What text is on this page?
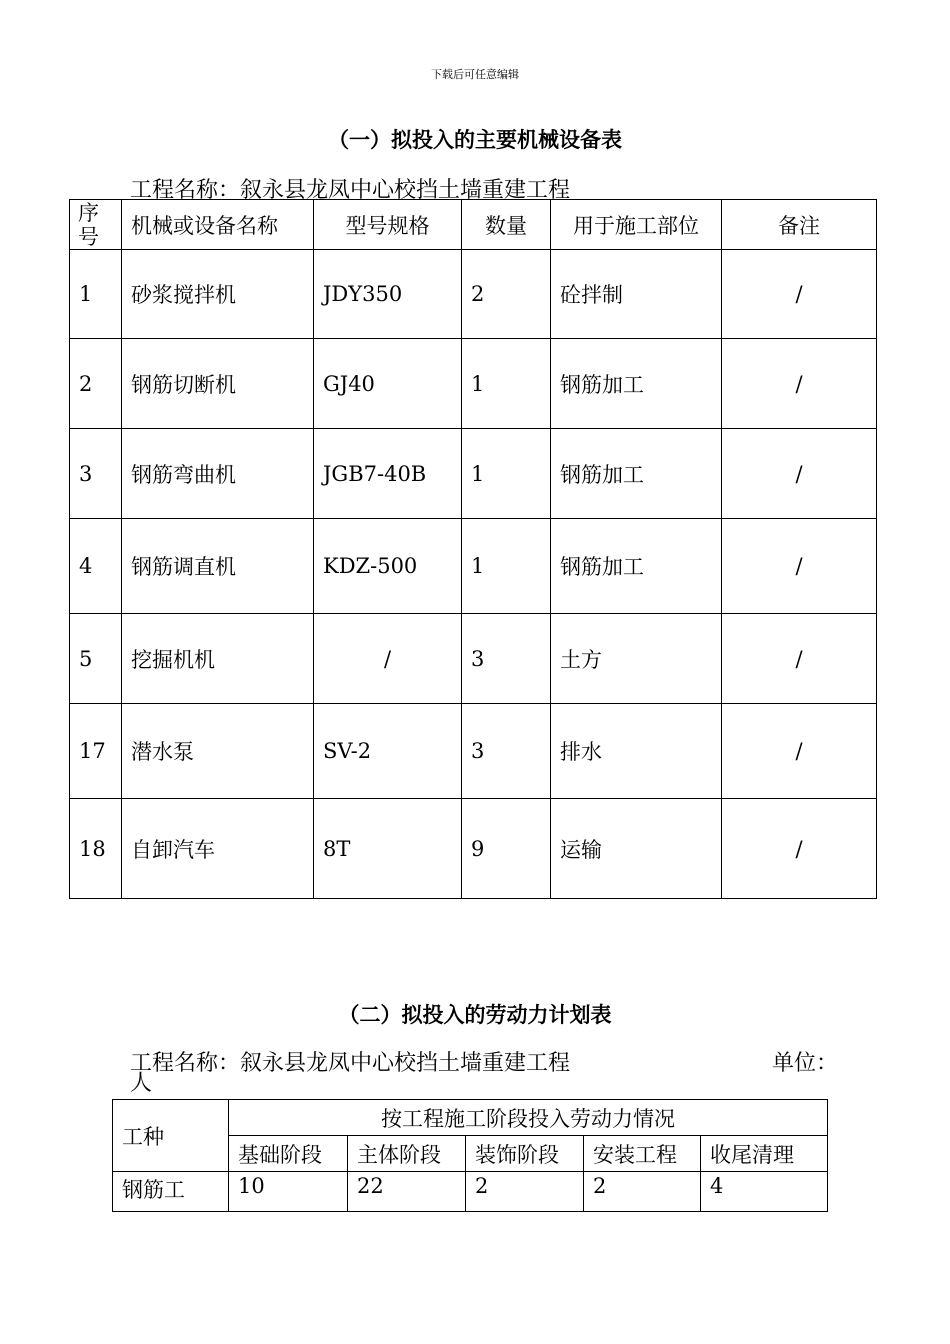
下载后可任意编辑
（一）拟投入的主要机械设备表
工程名称：叙永县龙凤中心校挡土墙重建工程
序
号	机械或设备名称	型号规格	数量	用于施工部位	备注
1	砂浆搅拌机	JDY350	2	砼拌制	/
2	钢筋切断机	GJ40	1	钢筋加工	/
3	钢筋弯曲机	JGB7-40B	1	钢筋加工	/
4	钢筋调直机	KDZ-500	1	钢筋加工	/
5	挖掘机机	/	3	土方	/
17	潜水泵	SV-2	3	排水	/
18	自卸汽车	8T	9	运输	/
（二）拟投入的劳动力计划表
工程名称：叙永县龙凤中心校挡土墙重建工程	单位：
人
工种	按工程施工阶段投入劳动力情况				
	基础阶段	主体阶段	装饰阶段	安装工程	收尾清理
钢筋工	10	22	2	2	4
